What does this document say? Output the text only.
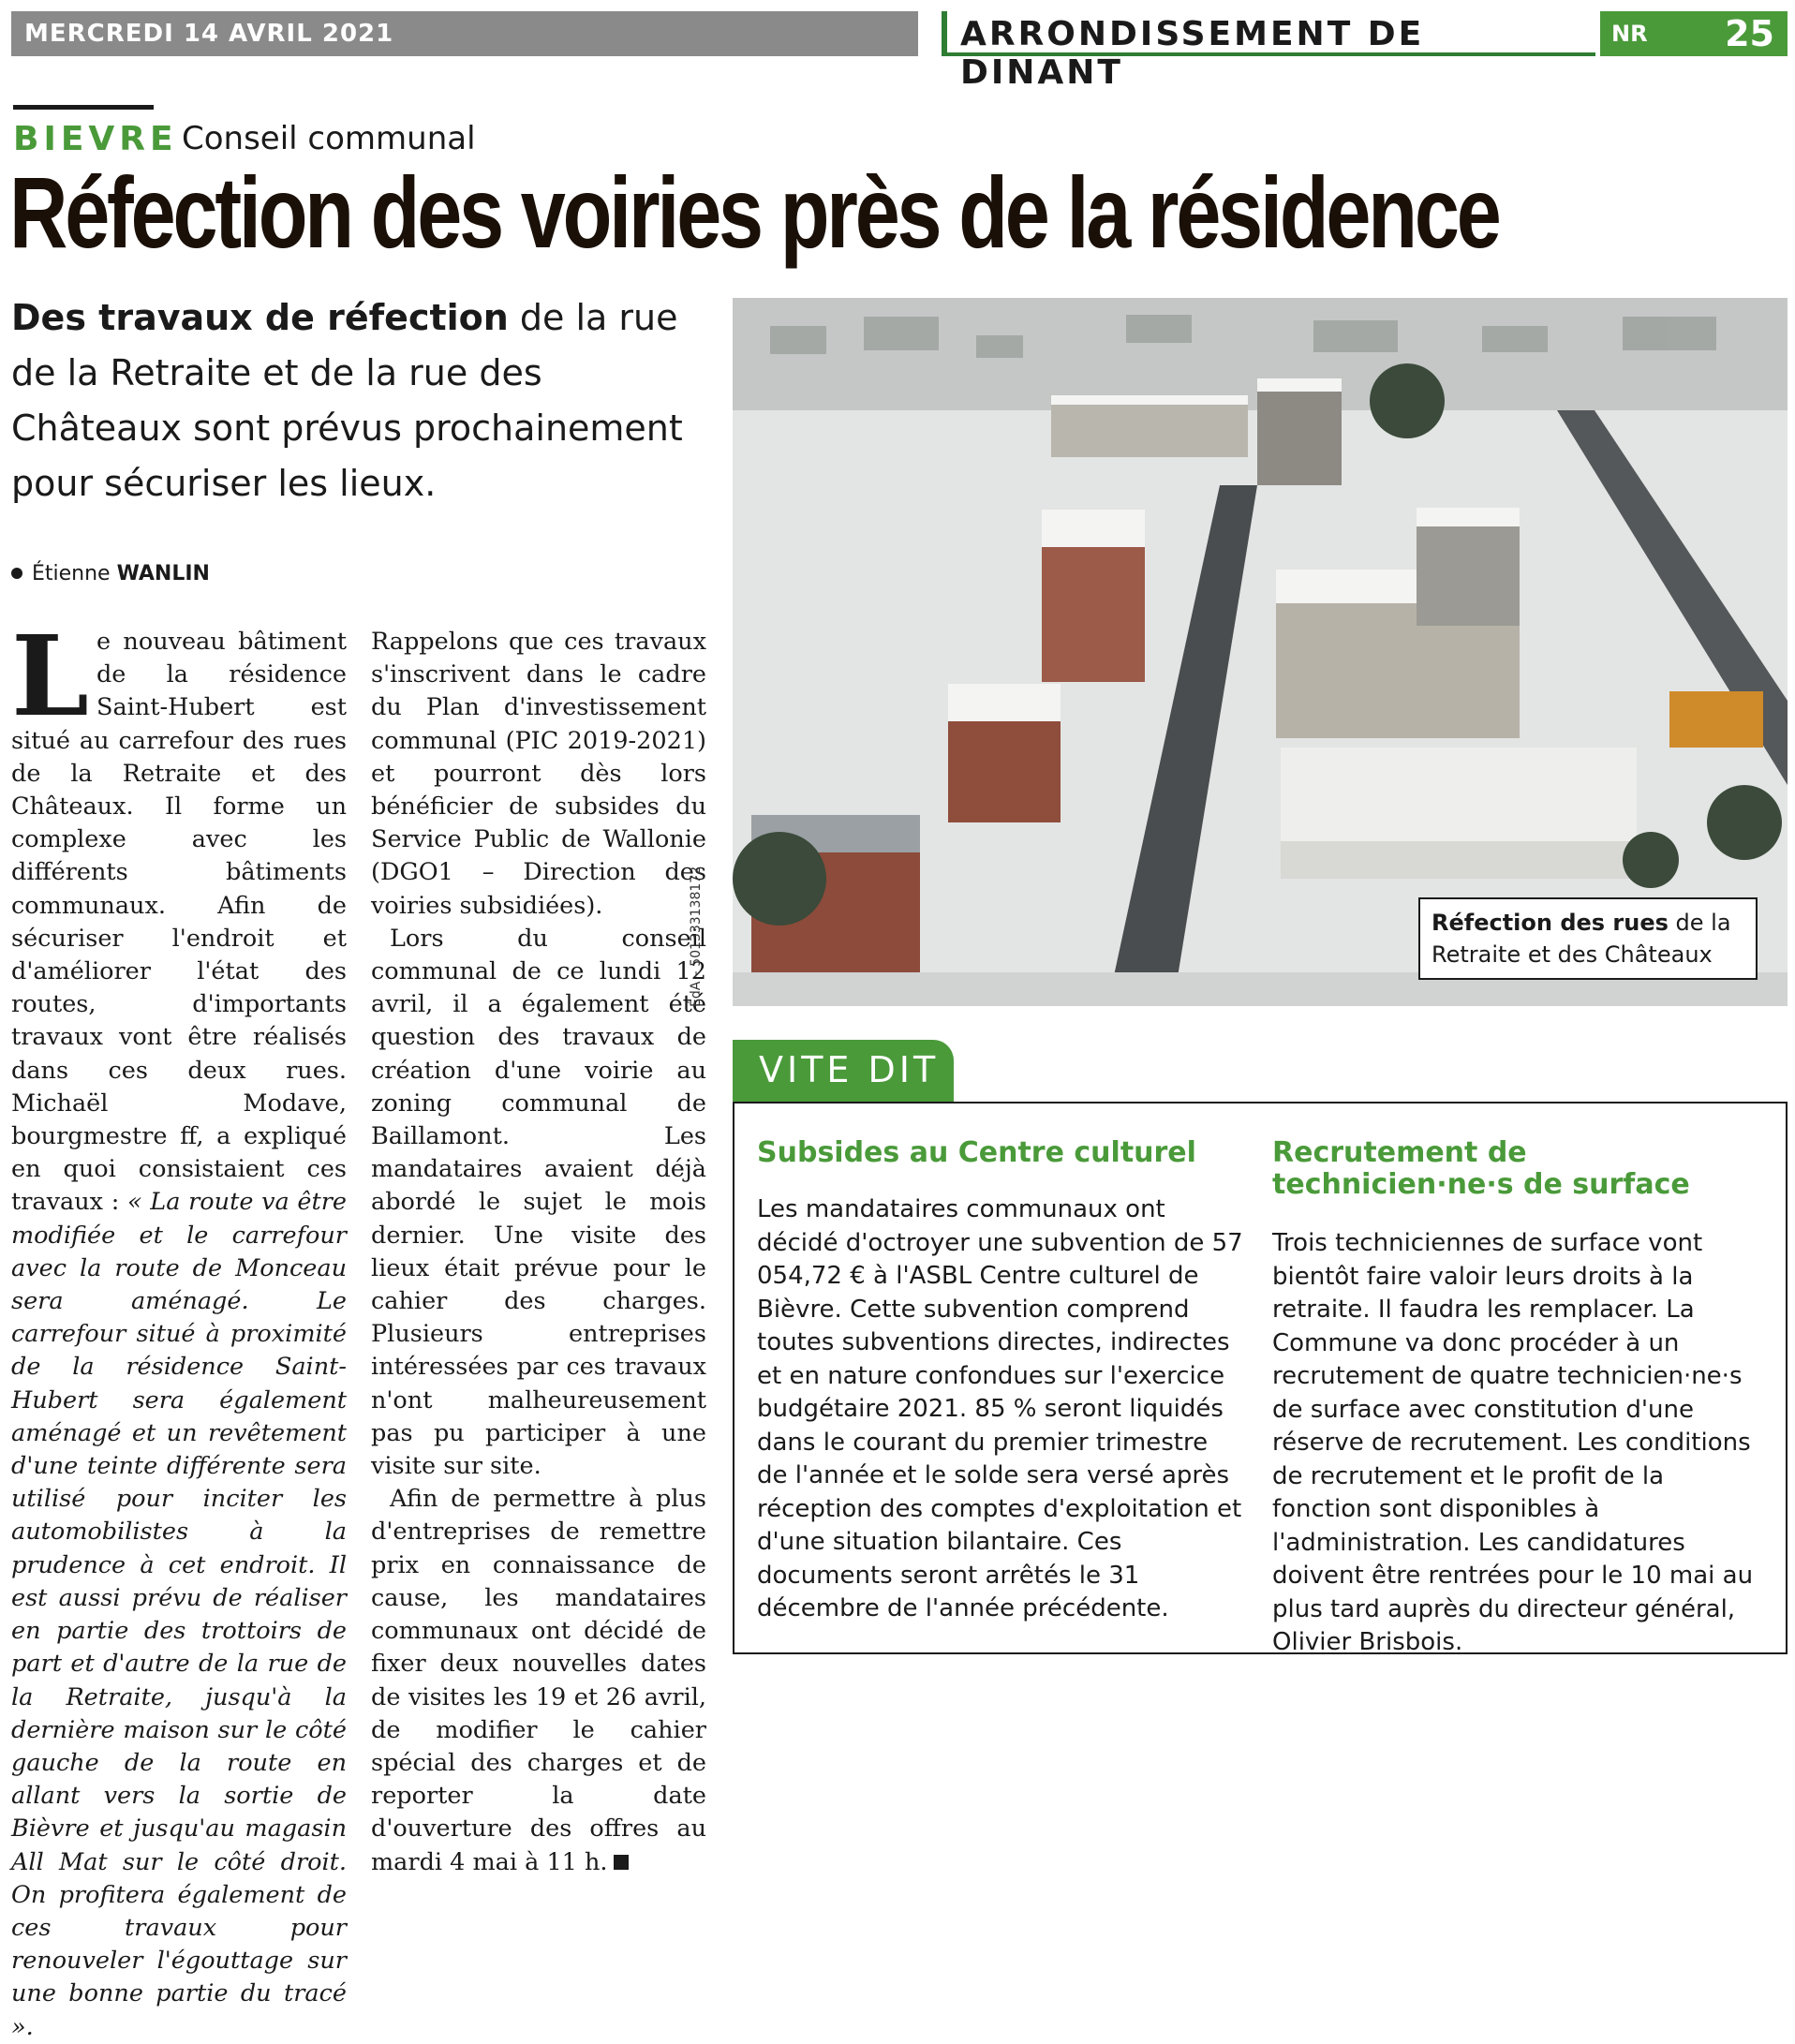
MERCREDI 14 AVRIL 2021	ARRONDISSEMENT DE DINANT
NR 25
BIEVRE Conseil communal
Réfection des voiries près de la résidence
Des travaux de réfection de la rue de la Retraite et de la rue des Châteaux sont prévus prochainement pour sécuriser les lieux.
Étienne WANLIN

Le nouveau bâtiment de la résidence Saint-Hubert est situé au carrefour des rues de la Retraite et des Châteaux. Il forme un complexe avec les différents bâtiments communaux. Afin de sécuriser l'endroit et d'améliorer l'état des routes, d'importants travaux vont être réalisés dans ces deux rues. Michaël Modave, bourgmestre ff, a expliqué en quoi consistaient ces travaux : « La route va être modifiée et le carrefour avec la route de Monceau sera aménagé. Le carrefour situé à proximité de la résidence Saint-Hubert sera également aménagé et un revêtement d'une teinte différente sera utilisé pour inciter les automobilistes à la prudence à cet endroit. Il est aussi prévu de réaliser en partie des trottoirs de part et d'autre de la rue de la Retraite, jusqu'à la dernière maison sur le côté gauche de la route en allant vers la sortie de Bièvre et jusqu'au magasin All Mat sur le côté droit. On profitera également de ces travaux pour renouveler l'égouttage sur une bonne partie du tracé ».

Rappelons que ces travaux s'inscrivent dans le cadre du Plan d'investissement communal (PIC 2019-2021) et pourront dès lors bénéficier de subsides du Service Public de Wallonie (DGO1 – Direction des voiries subsidiées).

Lors du conseil communal de ce lundi 12 avril, il a également été question des travaux de création d'une voirie au zoning communal de Baillamont. Les mandataires avaient déjà abordé le sujet le mois dernier. Une visite des lieux était prévue pour le cahier des charges. Plusieurs entreprises intéressées par ces travaux n'ont malheureusement pas pu participer à une visite sur site.

Afin de permettre à plus d'entreprises de remettre prix en connaissance de cause, les mandataires communaux ont décidé de fixer deux nouvelles dates de visites les 19 et 26 avril, de modifier le cahier spécial des charges et de reporter la date d'ouverture des offres au mardi 4 mai à 11 h.

ÉdA – 501333138172	Réfection des rues de la Retraite et des Châteaux
VITE DIT
Subsides au Centre culturel
Les mandataires communaux ont décidé d'octroyer une subvention de 57 054,72 € à l'ASBL Centre culturel de Bièvre. Cette subvention comprend toutes subventions directes, indirectes et en nature confondues sur l'exercice budgétaire 2021. 85 % seront liquidés dans le courant du premier trimestre de l'année et le solde sera versé après réception des comptes d'exploitation et d'une situation bilantaire. Ces documents seront arrêtés le 31 décembre de l'année précédente.
Recrutement de technicien·ne·s de surface
Trois techniciennes de surface vont bientôt faire valoir leurs droits à la retraite. Il faudra les remplacer. La Commune va donc procéder à un recrutement de quatre technicien·ne·s de surface avec constitution d'une réserve de recrutement. Les conditions de recrutement et le profit de la fonction sont disponibles à l'administration. Les candidatures doivent être rentrées pour le 10 mai au plus tard auprès du directeur général, Olivier Brisbois.
